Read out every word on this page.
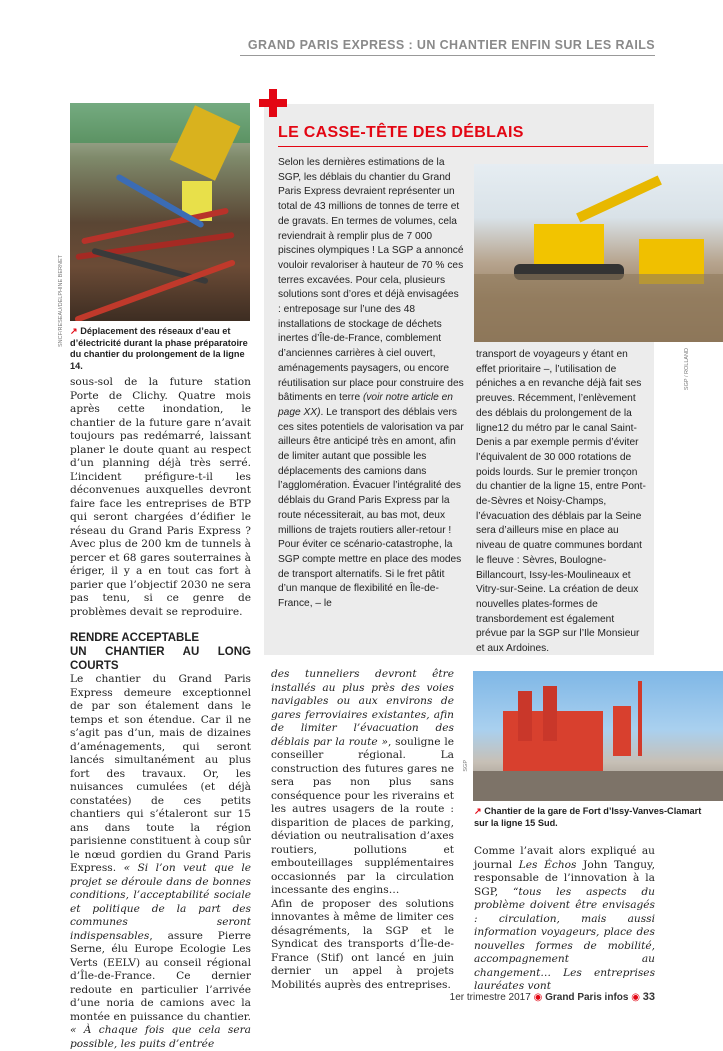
GRAND PARIS EXPRESS : UN CHANTIER ENFIN SUR LES RAILS
SNCF/RESEAU/DELPHINE BERNET ↗ Déplacement des réseaux d’eau et d’électricité durant la phase préparatoire du chantier du prolongement de la ligne 14.

sous-sol de la future station Porte de Clichy. Quatre mois après cette inondation, le chantier de la future gare n’avait toujours pas redémarré, laissant planer le doute quant au respect d’un planning déjà très serré. L’incident préfigure-t-il les déconvenues auxquelles devront faire face les entreprises de BTP qui seront chargées d’édifier le réseau du Grand Paris Express ? Avec plus de 200 km de tunnels à percer et 68 gares souterraines à ériger, il y a en tout cas fort à parier que l’objectif 2030 ne sera pas tenu, si ce genre de problèmes devait se reproduire.

RENDRE ACCEPTABLE
UN CHANTIER AU LONG COURTS

Le chantier du Grand Paris Express demeure exceptionnel de par son étalement dans le temps et son étendue. Car il ne s’agit pas d’un, mais de dizaines d’aménagements, qui seront lancés simultanément au plus fort des travaux. Or, les nuisances cumulées (et déjà constatées) de ces petits chantiers qui s’étaleront sur 15 ans dans toute la région parisienne constituent à coup sûr le nœud gordien du Grand Paris Express. « Si l’on veut que le projet se déroule dans de bonnes conditions, l’acceptabilité sociale et politique de la part des communes seront indispensables, assure Pierre Serne, élu Europe Ecologie Les Verts (EELV) au conseil régional d’Île-de-France. Ce dernier redoute en particulier l’arrivée d’une noria de camions avec la montée en puissance du chantier. « À chaque fois que cela sera possible, les puits d’entrée

LE CASSE-TÊTE DES DÉBLAIS

Selon les dernières estimations de la SGP, les déblais du chantier du Grand Paris Express devraient représenter un total de 43 millions de tonnes de terre et de gravats. En termes de volumes, cela reviendrait à remplir plus de 7 000 piscines olympiques ! La SGP a annoncé vouloir revaloriser à hauteur de 70 % ces terres excavées. Pour cela, plusieurs solutions sont d’ores et déjà envisagées : entreposage sur l’une des 48 installations de stockage de déchets inertes d’Île-de-France, comblement d’anciennes carrières à ciel ouvert, aménagements paysagers, ou encore réutilisation sur place pour construire des bâtiments en terre (voir notre article en page XX). Le transport des déblais vers ces sites potentiels de valorisation va par ailleurs être anticipé très en amont, afin de limiter autant que possible les déplacements des camions dans l’agglomération. Évacuer l’intégralité des déblais du Grand Paris Express par la route nécessiterait, au bas mot, deux millions de trajets routiers aller-retour ! Pour éviter ce scénario-catastrophe, la SGP compte mettre en place des modes de transport alternatifs. Si le fret pâtit d’un manque de flexibilité en Île-de-France, – le

SGP / ROLLAND

transport de voyageurs y étant en effet prioritaire –, l’utilisation de péniches a en revanche déjà fait ses preuves. Récemment, l’enlèvement des déblais du prolongement de la ligne12 du métro par le canal Saint-Denis a par exemple permis d’éviter l’équivalent de 30 000 rotations de poids lourds. Sur le premier tronçon du chantier de la ligne 15, entre Pont-de-Sèvres et Noisy-Champs, l’évacuation des déblais par la Seine sera d’ailleurs mise en place au niveau de quatre communes bordant le fleuve : Sèvres, Boulogne-Billancourt, Issy-les-Moulineaux et Vitry-sur-Seine. La création de deux nouvelles plates-formes de transbordement est également prévue par la SGP sur l’Ile Monsieur et aux Ardoines.

des tunneliers devront être installés au plus près des voies navigables ou aux environs de gares ferroviaires existantes, afin de limiter l’évacuation des déblais par la route », souligne le conseiller régional. La construction des futures gares ne sera pas non plus sans conséquence pour les riverains et les autres usagers de la route : disparition de places de parking, déviation ou neutralisation d’axes routiers, pollutions et embouteillages supplémentaires occasionnés par la circulation incessante des engins…

Afin de proposer des solutions innovantes à même de limiter ces désagréments, la SGP et le Syndicat des transports d’Île-de-France (Stif) ont lancé en juin dernier un appel à projets Mobilités auprès des entreprises.

SGP
↗ Chantier de la gare de Fort d’Issy-Vanves-Clamart sur la ligne 15 Sud.

Comme l’avait alors expliqué au journal Les Échos John Tanguy, responsable de l’innovation à la SGP, “tous les aspects du problème doivent être envisagés : circulation, mais aussi information voyageurs, place des nouvelles formes de mobilité, accompagnement au changement… Les entreprises lauréates vont

1er trimestre 2017 ◉ Grand Paris infos ◉ 33
